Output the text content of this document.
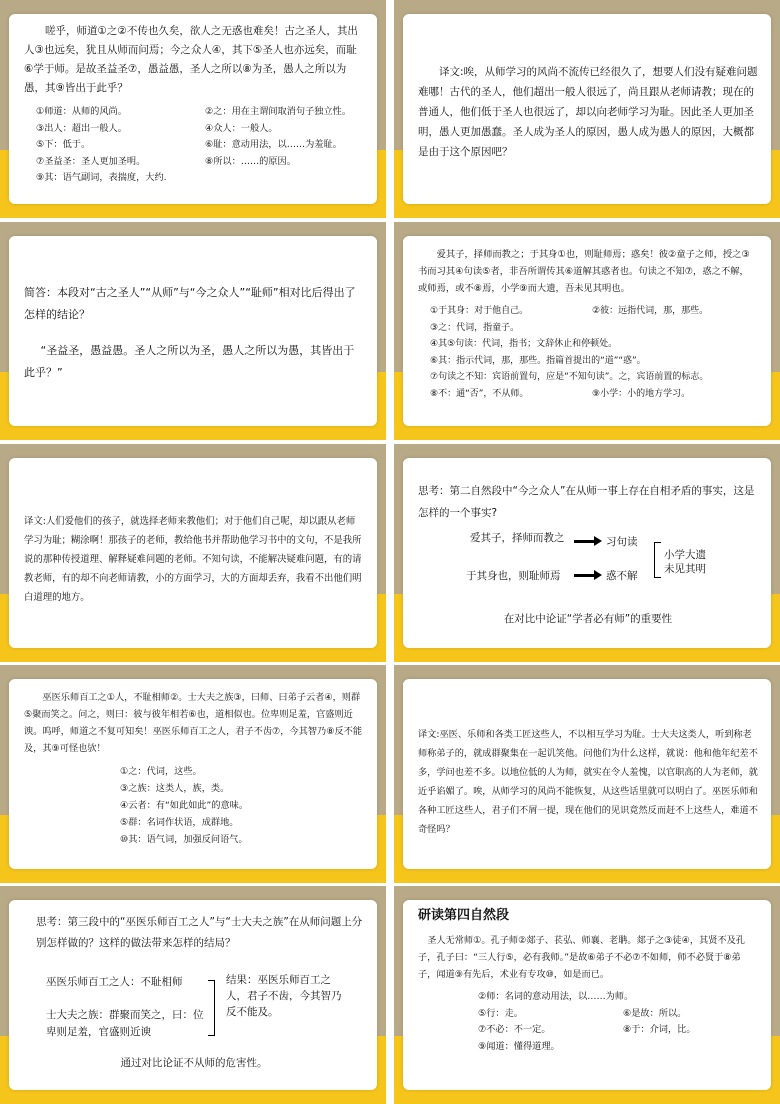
嗟乎，师道①之②不传也久矣，欲人之无惑也难矣！古之圣人，其出人③也远矣，犹且从师而问焉；今之众人④，其下⑤圣人也亦远矣，而耻⑥学于师。是故圣益圣⑦，愚益愚，圣人之所以⑧为圣，愚人之所以为愚，其⑨皆出于此乎？

①师道：从师的风尚。	②之：用在主谓间取消句子独立性。
③出人：超出一般人。	④众人：一般人。
⑤下：低于。	⑥耻：意动用法，以……为羞耻。
⑦圣益圣：圣人更加圣明。	⑧所以：……的原因。
⑨其：语气副词，表揣度，大约.

译文:唉，从师学习的风尚不流传已经很久了，想要人们没有疑难问题难哪！古代的圣人，他们超出一般人很远了，尚且跟从老师请教；现在的普通人，他们低于圣人也很远了，却以向老师学习为耻。因此圣人更加圣明，愚人更加愚蠢。圣人成为圣人的原因，愚人成为愚人的原因，大概都是由于这个原因吧？

简答：本段对“古之圣人”“从师”与“今之众人”“耻师”相对比后得出了怎样的结论？

“圣益圣，愚益愚。圣人之所以为圣，愚人之所以为愚，其皆出于此乎？”

爱其子，择师而教之；于其身①也，则耻师焉；惑矣！彼②童子之师，授之③书而习其④句读⑤者，非吾所谓传其⑥道解其惑者也。句读之不知⑦，惑之不解，或师焉，或不⑧焉，小学⑨而大遗，吾未见其明也。

①于其身：对于他自己。	②彼：远指代词，那，那些。
③之：代词，指童子。
④其⑤句读：代词，指书；文辞休止和停顿处。
⑥其：指示代词，那，那些。指篇首提出的“道”“惑”。
⑦句读之不知：宾语前置句，应是“不知句读”。之，宾语前置的标志。
⑧不：通“否”，不从师。	⑨小学：小的地方学习。

译文:人们爱他们的孩子，就选择老师来教他们；对于他们自己呢，却以跟从老师学习为耻；糊涂啊！那孩子的老师，教给他书并帮助他学习书中的文句，不是我所说的那种传授道理、解释疑难问题的老师。不知句读，不能解决疑难问题，有的请教老师，有的却不向老师请教，小的方面学习，大的方面却丢弃，我看不出他们明白道理的地方。

思考：第二自然段中“今之众人”在从师一事上存在自相矛盾的事实，这是怎样的一个事实?

爱其子，择师而教之	习句读
于其身也，则耻师焉	惑不解
小学大遗
未见其明

在对比中论证“学者必有师”的重要性

巫医乐师百工之①人，不耻相师②。士大夫之族③，曰师、曰弟子云者④，则群⑤聚而笑之。问之，则曰：彼与彼年相若⑥也，道相似也。位卑则足羞，官盛则近谀。呜呼，师道之不复可知矣！巫医乐师百工之人，君子不齿⑦，今其智乃⑧反不能及，其⑨可怪也欤！

①之：代词，这些。
③之族：这类人，族，类。
④云者：有“如此如此”的意味。
⑤群：名词作状语，成群地。
⑩其：语气词，加强反问语气。

译文:巫医、乐师和各类工匠这些人，不以相互学习为耻。士大夫这类人，听到称老师称弟子的，就成群聚集在一起讥笑他。问他们为什么这样，就说：他和他年纪差不多，学问也差不多。以地位低的人为师，就实在令人羞愧，以官职高的人为老师，就近乎谄媚了。唉，从师学习的风尚不能恢复，从这些话里就可以明白了。巫医乐师和各种工匠这些人，君子们不屑一提，现在他们的见识竟然反而赶不上这些人，难道不奇怪吗？

思考：第三段中的“巫医乐师百工之人”与“士大夫之族”在从师问题上分别怎样做的？这样的做法带来怎样的结局？

巫医乐师百工之人：不耻相师
士大夫之族：群聚而笑之，曰：位卑则足羞，官盛则近谀
结果：巫医乐师百工之人，君子不齿，今其智乃反不能及。

通过对比论证不从师的危害性。

研读第四自然段

圣人无常师①。孔子师②郯子、苌弘、师襄、老聃。郯子之③徒④，其贤不及孔子，孔子曰：“三人行⑤，必有我师。”是故⑥弟子不必⑦不如师，师不必贤于⑧弟子，闻道⑨有先后，术业有专攻⑩，如是而已。

②师：名词的意动用法，以……为师。
⑤行：走。	⑥是故：所以。
⑦不必：不一定。	⑧于：介词，比。
⑨闻道：懂得道理。
